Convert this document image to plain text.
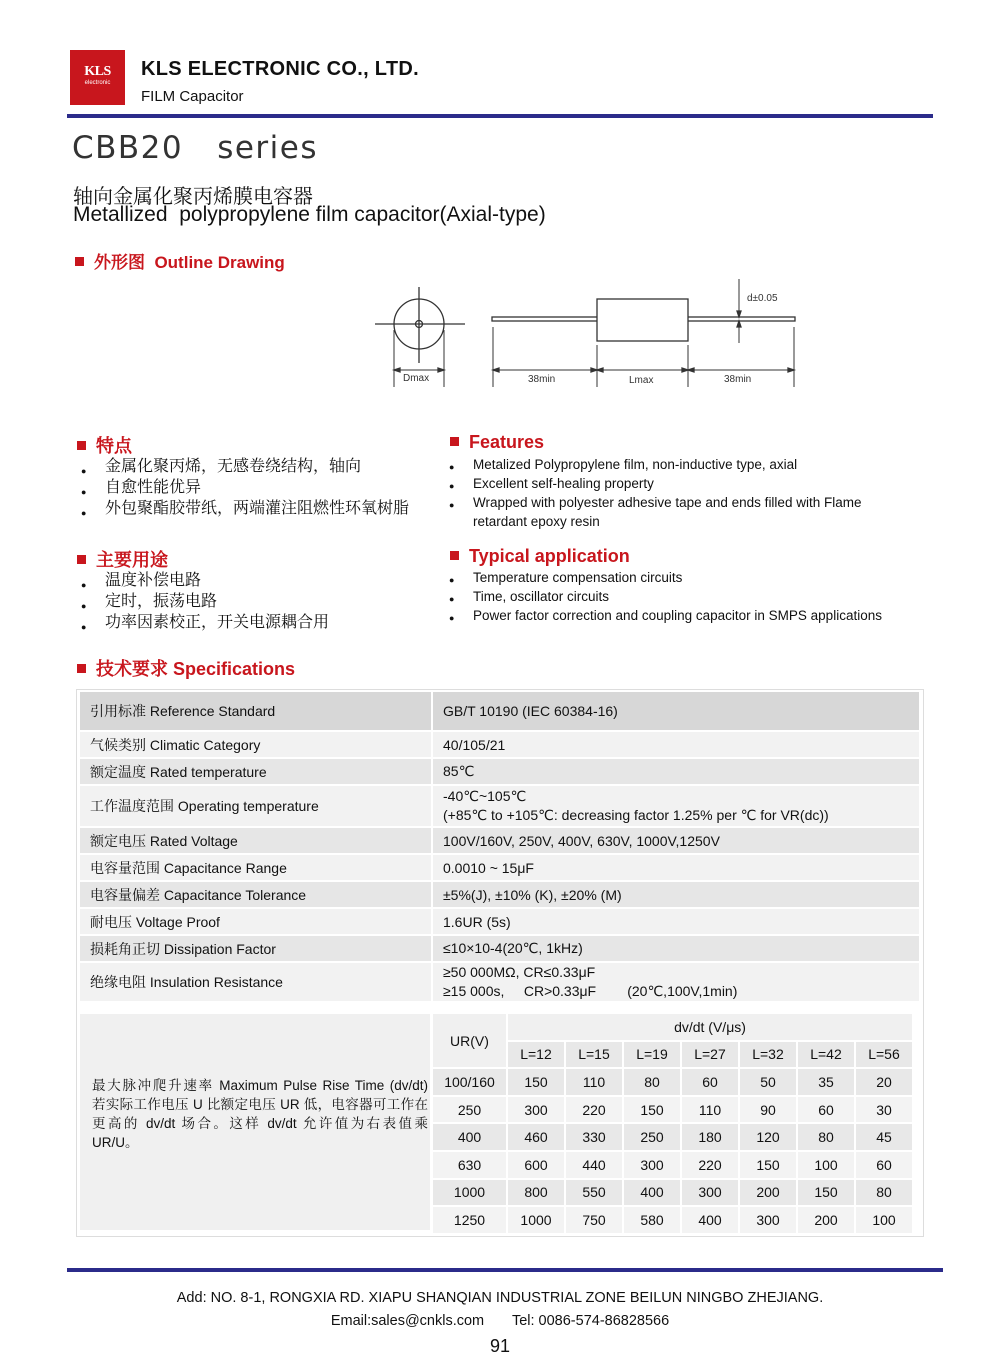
KLS
electronic
KLS ELECTRONIC CO., LTD.
FILM Capacitor
CBB20   series
轴向金属化聚丙烯膜电容器
Metallized  polypropylene film capacitor(Axial-type)
外形图  Outline Drawing
Dmax
d±0.05
38min	Lmax	38min
特点
● 金属化聚丙烯，无感卷绕结构，轴向
● 自愈性能优异
● 外包聚酯胶带纸，两端灌注阻燃性环氧树脂
Features
● Metalized Polypropylene film, non-inductive type, axial
● Excellent self-healing property
● Wrapped with polyester adhesive tape and ends filled with Flame retardant epoxy resin
主要用途
● 温度补偿电路
● 定时，振荡电路
● 功率因素校正，开关电源耦合用
Typical application
● Temperature compensation circuits
● Time, oscillator circuits
● Power factor correction and coupling capacitor in SMPS applications
技术要求 Specifications
引用标准 Reference Standard	GB/T 10190 (IEC 60384-16)
气候类别 Climatic Category	40/105/21
额定温度 Rated temperature	85℃
工作温度范围 Operating temperature	-40℃~105℃
(+85℃ to +105℃: decreasing factor 1.25% per ℃ for VR(dc))

额定电压 Rated Voltage	100V/160V, 250V, 400V, 630V, 1000V,1250V
电容量范围 Capacitance Range	0.0010 ~ 15μF
电容量偏差 Capacitance Tolerance	±5%(J), ±10% (K), ±20% (M)
耐电压 Voltage Proof	1.6UR (5s)
损耗角正切 Dissipation Factor	≤10×10-4(20℃, 1kHz)
绝缘电阻 Insulation Resistance	≥50 000MΩ, CR≤0.33μF
≥15 000s,     CR>0.33μF        (20℃,100V,1min)
最大脉冲爬升速率 Maximum Pulse Rise Time (dv/dt)
若实际工作电压 U 比额定电压 UR 低，电容器可工作在更高的 dv/dt 场合。这样 dv/dt 允许值为右表值乘 UR/U。
UR(V)	dv/dt (V/μs)						
	L=12	L=15	L=19	L=27	L=32	L=42	L=56
100/160	150	110	80	60	50	35	20
250	300	220	150	110	90	60	30
400	460	330	250	180	120	80	45
630	600	440	300	220	150	100	60
1000	800	550	400	300	200	150	80
1250	1000	750	580	400	300	200	100
Add: NO. 8-1, RONGXIA RD. XIAPU SHANQIAN INDUSTRIAL ZONE BEILUN NINGBO ZHEJIANG.
Email:sales@cnkls.com Tel: 0086-574-86828566
91
